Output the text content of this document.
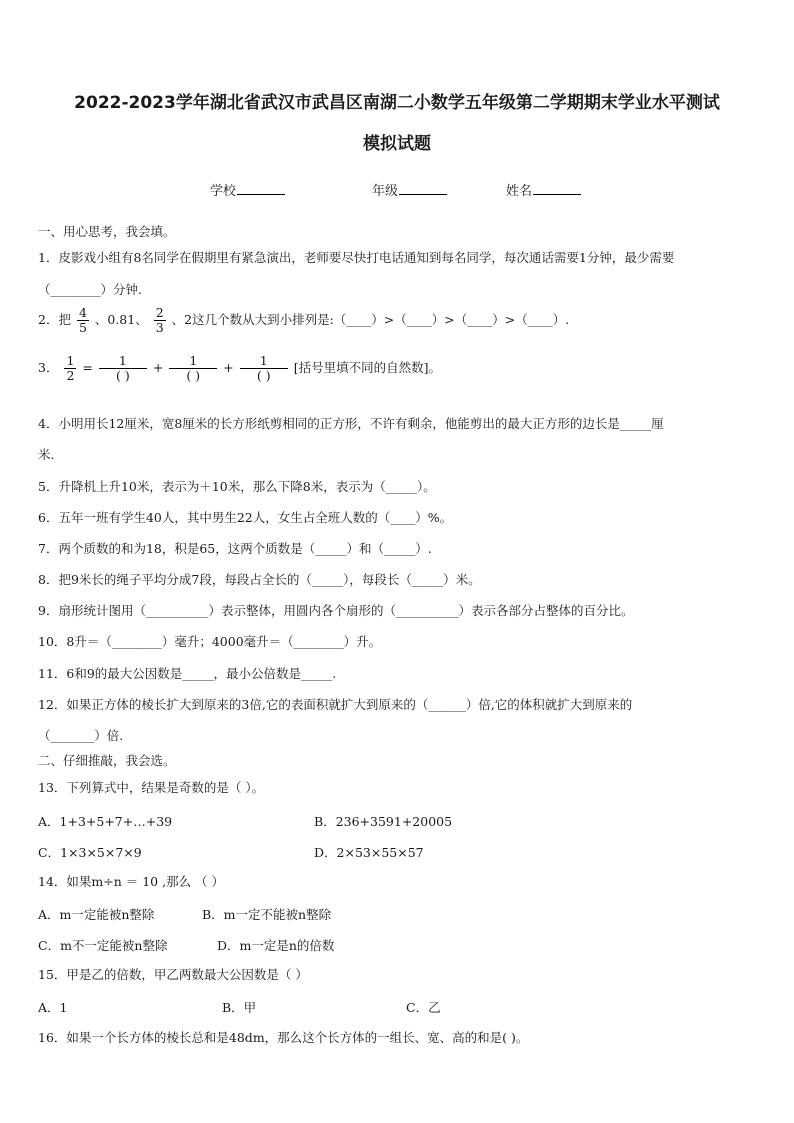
2022-2023学年湖北省武汉市武昌区南湖二小数学五年级第二学期期末学业水平测试
模拟试题
学校	年级	姓名
一、用心思考，我会填。
1．皮影戏小组有8名同学在假期里有紧急演出，老师要尽快打电话通知到每名同学，每次通话需要1分钟，最少需要
（________）分钟.
2．把 $\frac{4}{5}$ 、0.81、 $\frac{2}{3}$ 、2这几个数从大到小排列是:（____）>（____）>（____）>（____）.
3． $\frac{1}{2} = \frac{1}{( )} + \frac{1}{( )} + \frac{1}{( )}$ [括号里填不同的自然数]。
4．小明用长12厘米，宽8厘米的长方形纸剪相同的正方形，不许有剩余，他能剪出的最大正方形的边长是_____厘
米.
5．升降机上升10米，表示为＋10米，那么下降8米，表示为（_____）。
6．五年一班有学生40人，其中男生22人，女生占全班人数的（____）%。
7．两个质数的和为18，积是65，这两个质数是（_____）和（_____）.
8．把9米长的绳子平均分成7段，每段占全长的（_____），每段长（_____）米。
9．扇形统计图用（__________）表示整体，用圆内各个扇形的（__________）表示各部分占整体的百分比。
10．8升＝（________）毫升；4000毫升＝（________）升。
11．6和9的最大公因数是_____，最小公倍数是_____.
12．如果正方体的棱长扩大到原来的3倍,它的表面积就扩大到原来的（______）倍,它的体积就扩大到原来的
（_______）倍.
二、仔细推敲，我会选。
13．下列算式中，结果是奇数的是（ ）。
A．1+3+5+7+…+39	B．236+3591+20005
C．1×3×5×7×9	D．2×53×55×57
14．如果m÷n ＝ 10 ,那么 （ ）
A．m一定能被n整除	B．m一定不能被n整除
C．m不一定能被n整除	D．m一定是n的倍数
15．甲是乙的倍数，甲乙两数最大公因数是（ ）
A．1	B．甲	C．乙
16．如果一个长方体的棱长总和是48dm，那么这个长方体的一组长、宽、高的和是( )。
